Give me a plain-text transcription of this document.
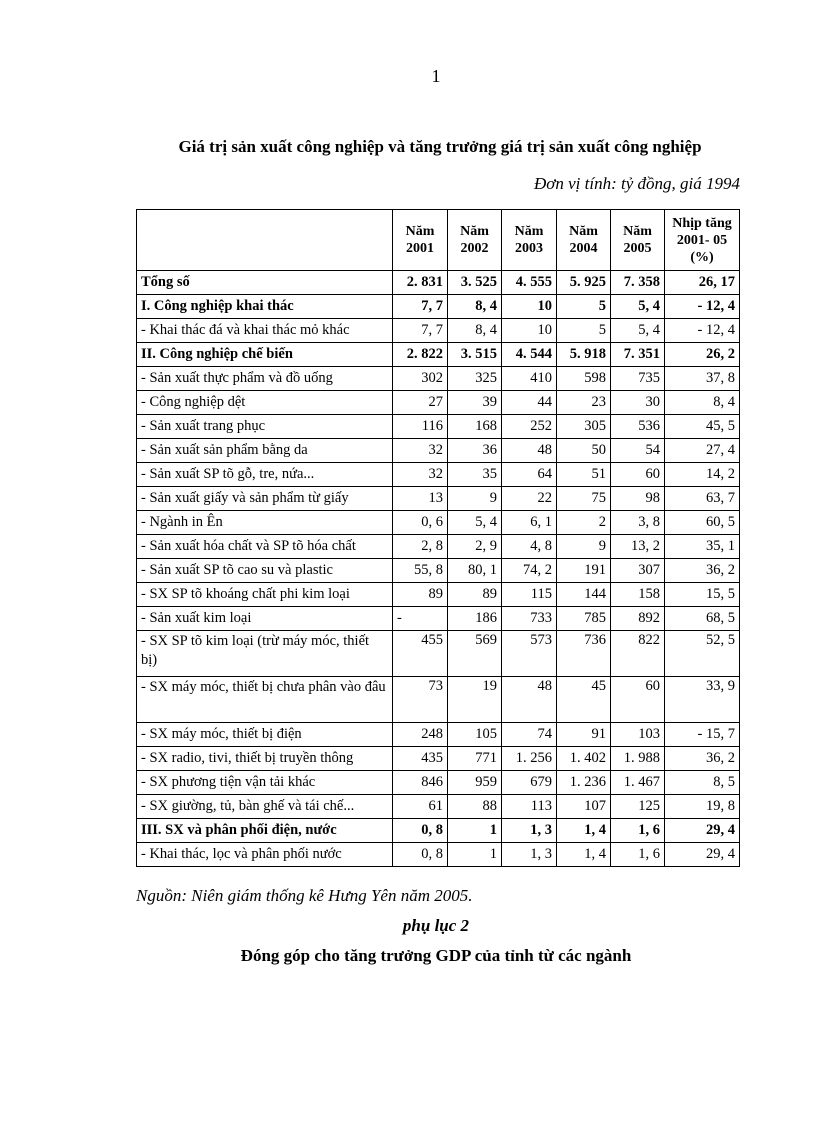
1
Giá trị sản xuất công nghiệp và tăng trưởng giá trị sản xuất công nghiệp
Đơn vị tính: tỷ đồng, giá 1994
	Năm 2001	Năm 2002	Năm 2003	Năm 2004	Năm 2005	Nhịp tăng 2001- 05 (%)
Tổng số	2. 831	3. 525	4. 555	5. 925	7. 358	26, 17
I. Công nghiệp khai thác	7, 7	8, 4	10	5	5, 4	- 12, 4
- Khai thác đá và khai thác mỏ khác	7, 7	8, 4	10	5	5, 4	- 12, 4
II. Công nghiệp chế biến	2. 822	3. 515	4. 544	5. 918	7. 351	26, 2
- Sản xuất thực phẩm và đồ uống	302	325	410	598	735	37, 8
- Công nghiệp dệt	27	39	44	23	30	8, 4
- Sản xuất trang phục	116	168	252	305	536	45, 5
- Sản xuất sản phẩm bằng da	32	36	48	50	54	27, 4
- Sản xuất SP tõ gỗ, tre, nứa...	32	35	64	51	60	14, 2
- Sản xuất giấy và sản phẩm từ giấy	13	9	22	75	98	63, 7
- Ngành in Ên	0, 6	5, 4	6, 1	2	3, 8	60, 5
- Sản xuất hóa chất và SP tõ hóa chất	2, 8	2, 9	4, 8	9	13, 2	35, 1
- Sản xuất SP tõ cao su và plastic	55, 8	80, 1	74, 2	191	307	36, 2
- SX SP tõ khoáng chất phi kim loại	89	89	115	144	158	15, 5
- Sản xuất kim loại	-	186	733	785	892	68, 5
- SX SP tõ kim loại (trừ máy móc, thiết bị)	455	569	573	736	822	52, 5
- SX máy móc, thiết bị chưa phân vào đâu	73	19	48	45	60	33, 9
- SX máy móc, thiết bị điện	248	105	74	91	103	- 15, 7
- SX radio, tivi, thiết bị truyền thông	435	771	1. 256	1. 402	1. 988	36, 2
- SX phương tiện vận tải khác	846	959	679	1. 236	1. 467	8, 5
- SX giường, tủ, bàn ghế và tái chế...	61	88	113	107	125	19, 8
III. SX và phân phối điện, nước	0, 8	1	1, 3	1, 4	1, 6	29, 4
- Khai thác, lọc và phân phối nước	0, 8	1	1, 3	1, 4	1, 6	29, 4
Nguồn: Niên giám thống kê Hưng Yên năm 2005.
phụ lục 2
Đóng góp cho tăng trưởng GDP của tỉnh từ các ngành
